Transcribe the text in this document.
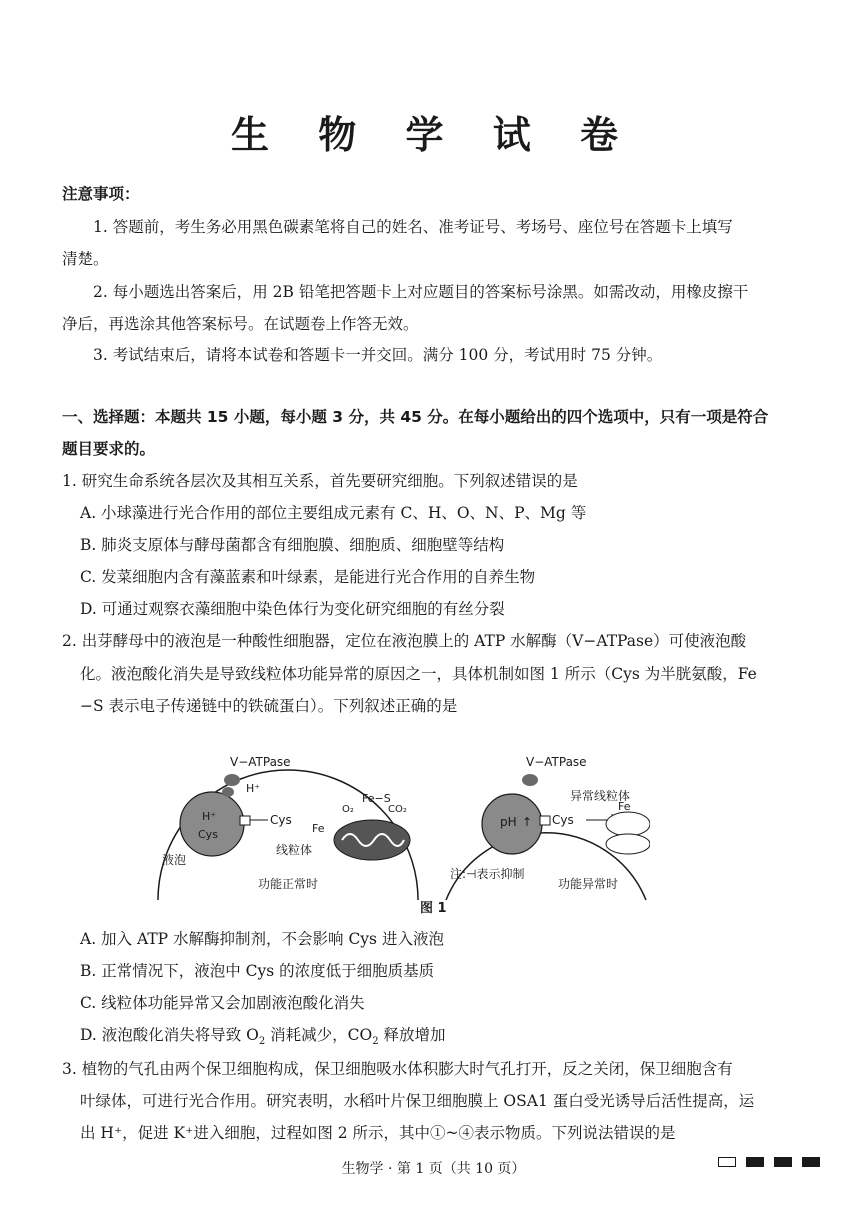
生 物 学 试 卷
注意事项：
1. 答题前，考生务必用黑色碳素笔将自己的姓名、准考证号、考场号、座位号在答题卡上填写
清楚。
2. 每小题选出答案后，用 2B 铅笔把答题卡上对应题目的答案标号涂黑。如需改动，用橡皮擦干
净后，再选涂其他答案标号。在试题卷上作答无效。
3. 考试结束后，请将本试卷和答题卡一并交回。满分 100 分，考试用时 75 分钟。
一、选择题：本题共 15 小题，每小题 3 分，共 45 分。在每小题给出的四个选项中，只有一项是符合
题目要求的。
1. 研究生命系统各层次及其相互关系，首先要研究细胞。下列叙述错误的是
A. 小球藻进行光合作用的部位主要组成元素有 C、H、O、N、P、Mg 等
B. 肺炎支原体与酵母菌都含有细胞膜、细胞质、细胞壁等结构
C. 发菜细胞内含有藻蓝素和叶绿素，是能进行光合作用的自养生物
D. 可通过观察衣藻细胞中染色体行为变化研究细胞的有丝分裂
2. 出芽酵母中的液泡是一种酸性细胞器，定位在液泡膜上的 ATP 水解酶（V−ATPase）可使液泡酸
化。液泡酸化消失是导致线粒体功能异常的原因之一，具体机制如图 1 所示（Cys 为半胱氨酸，Fe
−S 表示电子传递链中的铁硫蛋白）。下列叙述正确的是
V−ATPase
H⁺
H⁺
Cys
Cys
Fe−S
O₂	CO₂
Fe
液泡
线粒体
功能正常时
V−ATPase
pH ↑ Cys
Fe
异常线粒体
注:⊣表示抑制
功能异常时
图 1
A. 加入 ATP 水解酶抑制剂，不会影响 Cys 进入液泡
B. 正常情况下，液泡中 Cys 的浓度低于细胞质基质
C. 线粒体功能异常又会加剧液泡酸化消失
D. 液泡酸化消失将导致 $O_2$ 消耗减少，$CO_2$ 释放增加
3. 植物的气孔由两个保卫细胞构成，保卫细胞吸水体积膨大时气孔打开，反之关闭，保卫细胞含有
叶绿体，可进行光合作用。研究表明，水稻叶片保卫细胞膜上 OSA1 蛋白受光诱导后活性提高，运
出 H⁺，促进 K⁺进入细胞，过程如图 2 所示，其中①~④表示物质。下列说法错误的是
生物学 · 第 1 页（共 10 页）
